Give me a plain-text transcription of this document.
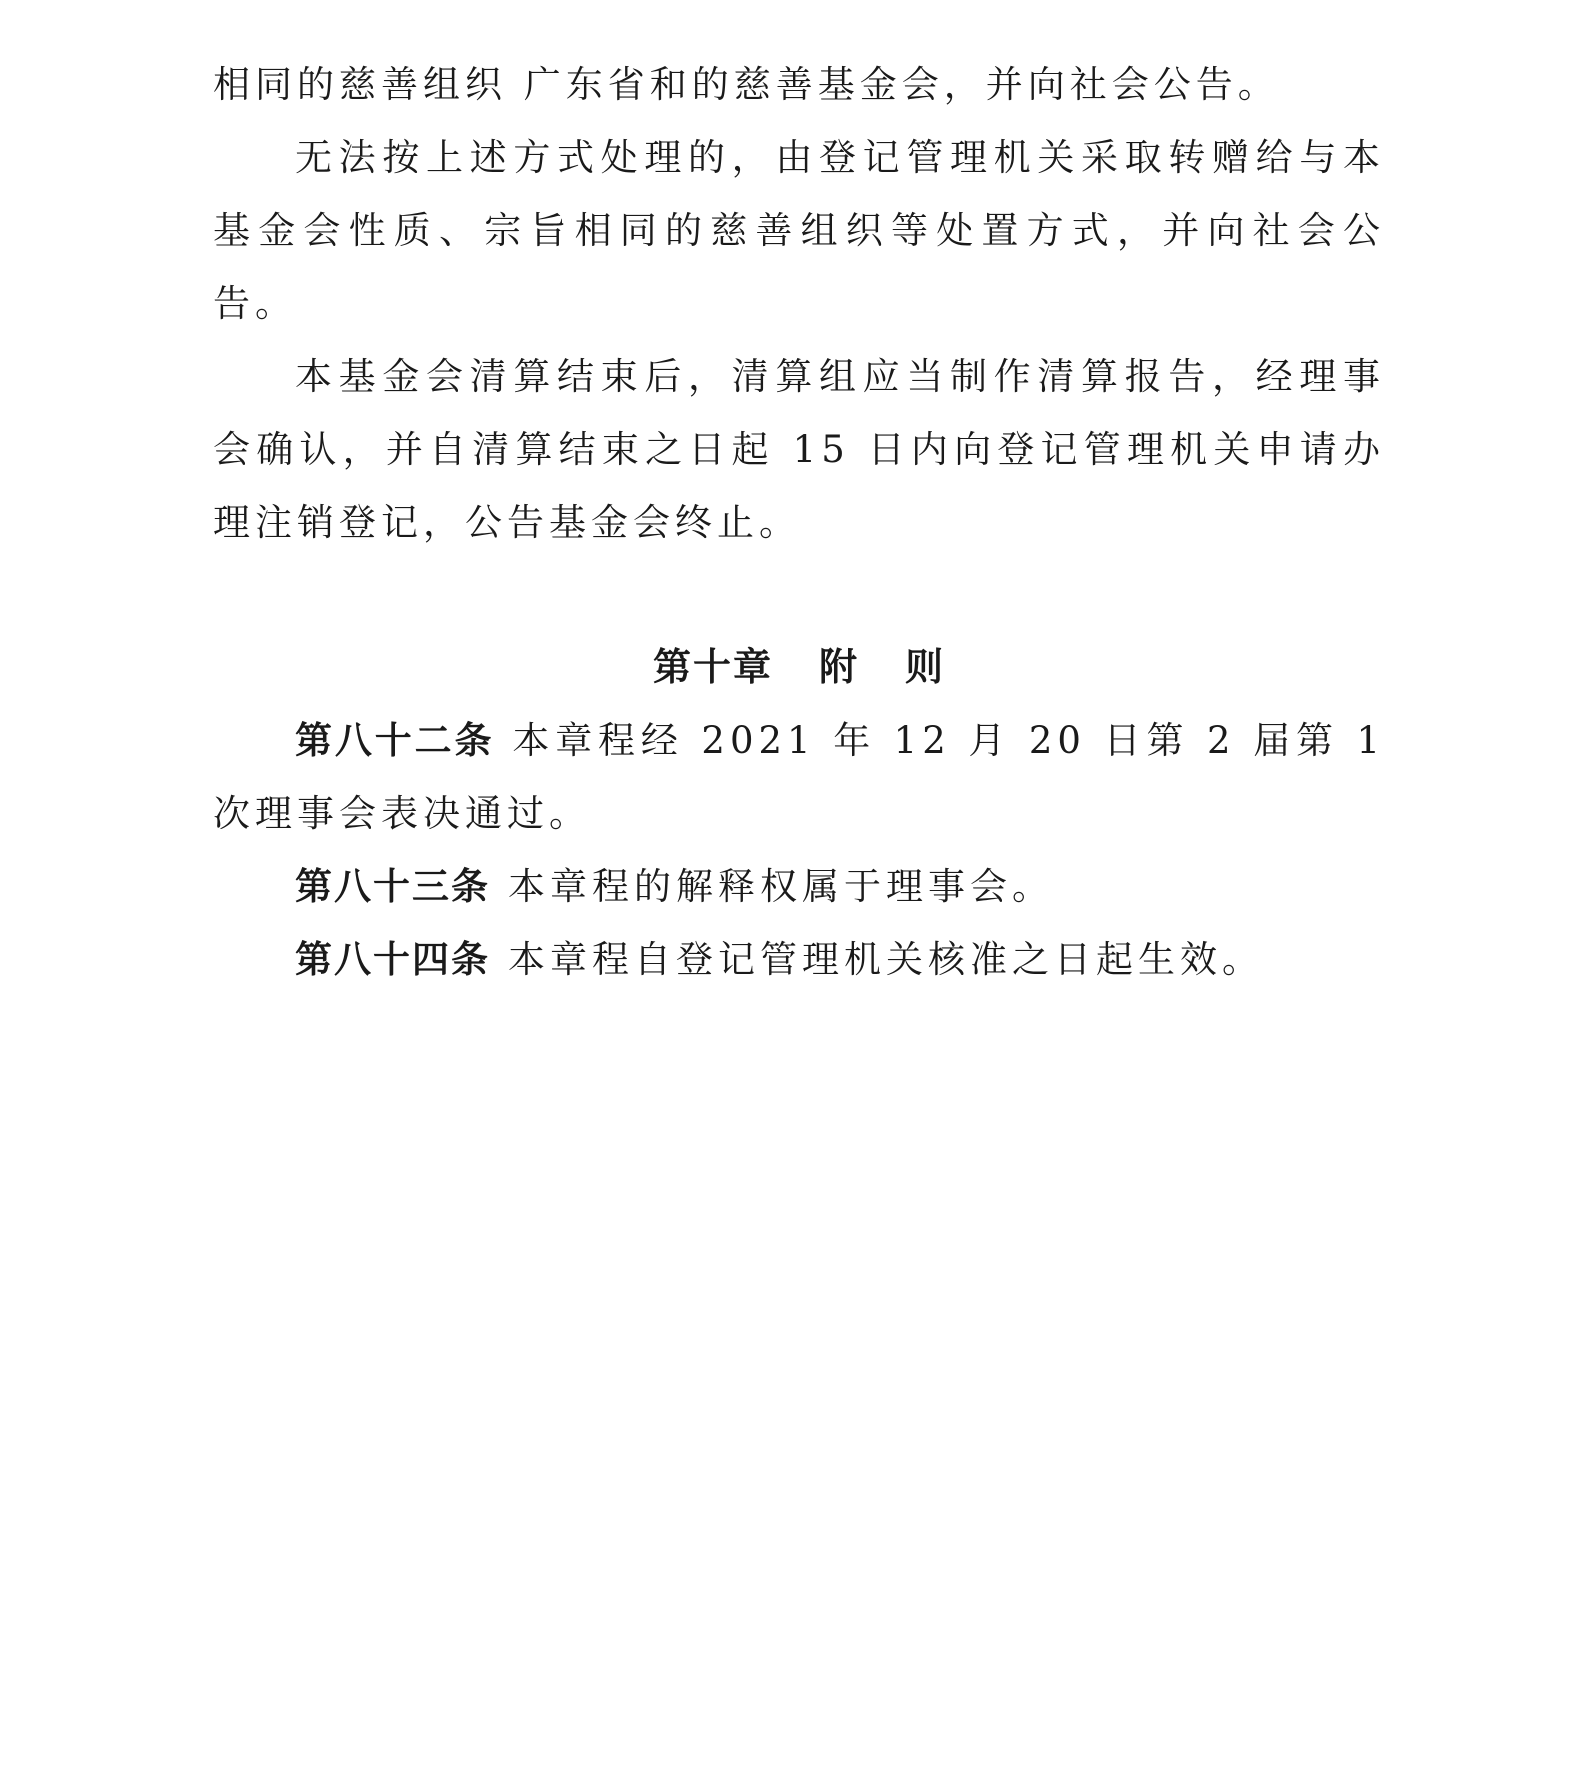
相同的慈善组织 广东省和的慈善基金会，并向社会公告。

无法按上述方式处理的，由登记管理机关采取转赠给与本基金会性质、宗旨相同的慈善组织等处置方式，并向社会公告。

本基金会清算结束后，清算组应当制作清算报告，经理事会确认，并自清算结束之日起 15 日内向登记管理机关申请办理注销登记，公告基金会终止。

第十章 附 则

第八十二条 本章程经 2021 年 12 月 20 日第 2 届第 1 次理事会表决通过。

第八十三条 本章程的解释权属于理事会。

第八十四条 本章程自登记管理机关核准之日起生效。
